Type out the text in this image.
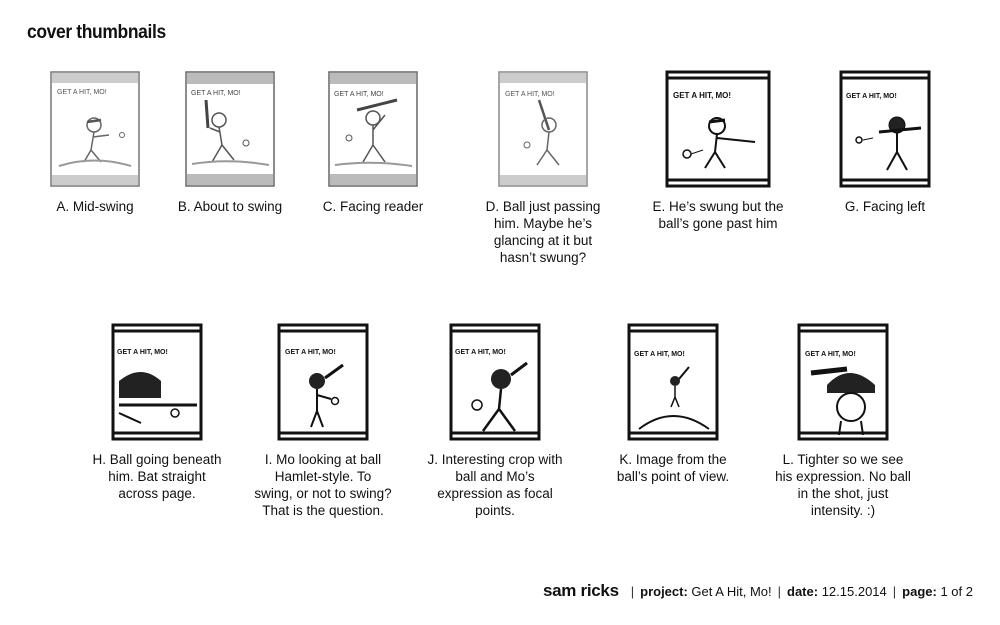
cover thumbnails
GET A HIT, MO!
A. Mid-swing
GET A HIT, MO!
B. About to swing
GET A HIT, MO!
C. Facing reader
GET A HIT, MO!
D. Ball just passing him. Maybe he’s glancing at it but hasn’t swung?
GET A HIT, MO!
E. He’s swung but the ball’s gone past him
GET A HIT, MO!
G. Facing left
GET A HIT, MO!
H. Ball going beneath him. Bat straight across page.
GET A HIT, MO!
I. Mo looking at ball Hamlet-style. To swing, or not to swing? That is the question.
GET A HIT, MO!
J. Interesting crop with ball and Mo’s expression as focal points.
GET A HIT, MO!
K. Image from the ball’s point of view.
GET A HIT, MO!
L. Tighter so we see his expression. No ball in the shot, just intensity. :)
sam ricks | project: Get A Hit, Mo! | date: 12.15.2014 | page: 1 of 2
